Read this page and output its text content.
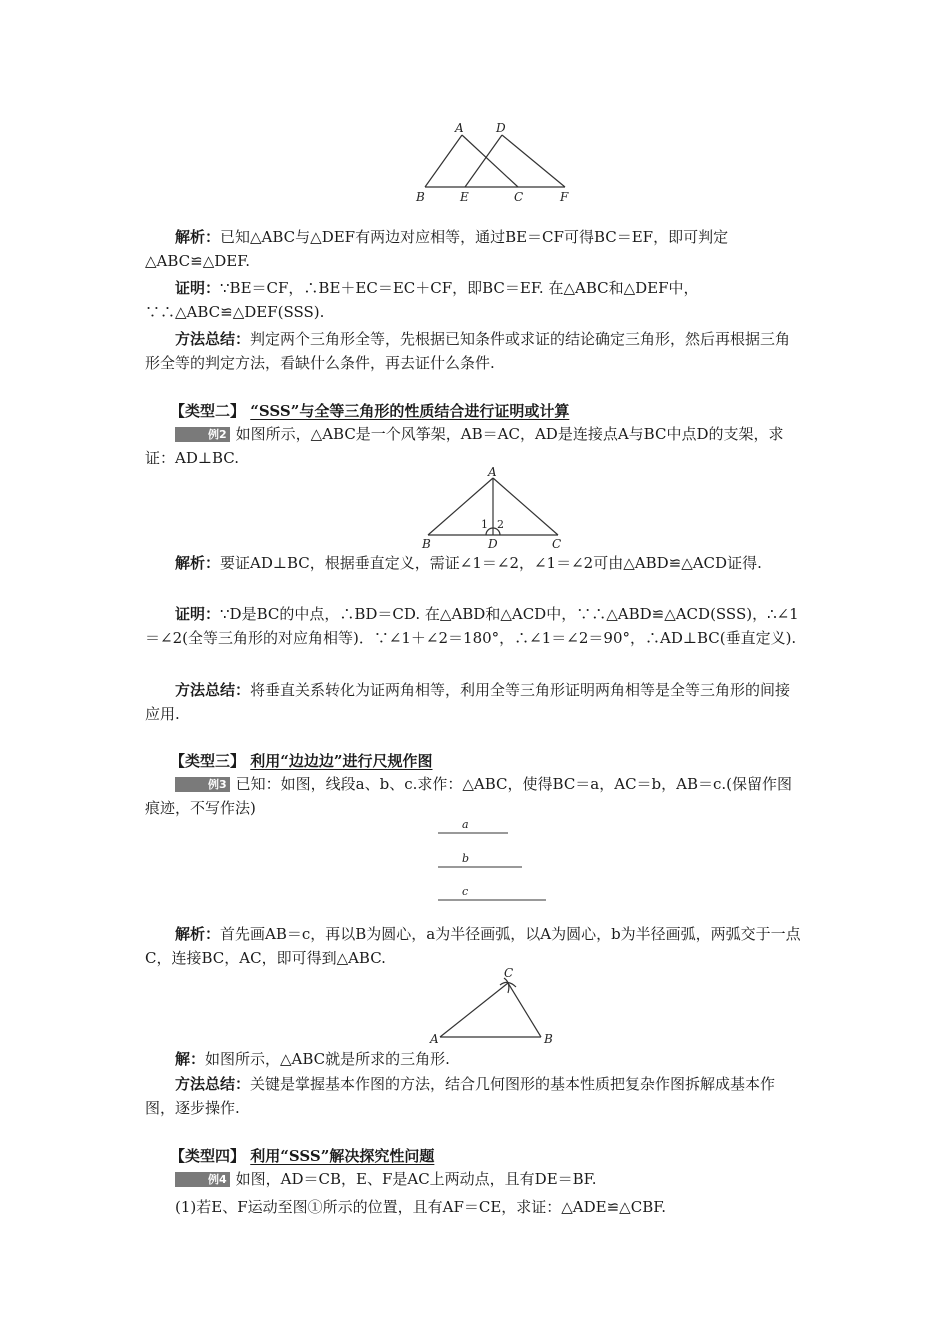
A	D
B	E	C	F

解析：已知△ABC与△DEF有两边对应相等，通过BE＝CF可得BC＝EF，即可判定△ABC≌△DEF.

证明：∵BE＝CF，∴BE＋EC＝EC＋CF，即BC＝EF. 在△ABC和△DEF中，∵∴△ABC≌△DEF(SSS).

方法总结：判定两个三角形全等，先根据已知条件或求证的结论确定三角形，然后再根据三角形全等的判定方法，看缺什么条件，再去证什么条件.

【类型二】 “SSS”与全等三角形的性质结合进行证明或计算

例2 如图所示，△ABC是一个风筝架，AB＝AC，AD是连接点A与BC中点D的支架，求证：AD⊥BC.

A
B	D	C
1 2

解析：要证AD⊥BC，根据垂直定义，需证∠1＝∠2，∠1＝∠2可由△ABD≌△ACD证得.

证明：∵D是BC的中点，∴BD＝CD. 在△ABD和△ACD中，∵∴△ABD≌△ACD(SSS)，∴∠1＝∠2(全等三角形的对应角相等)．∵∠1＋∠2＝180°，∴∠1＝∠2＝90°，∴AD⊥BC(垂直定义).

方法总结：将垂直关系转化为证两角相等，利用全等三角形证明两角相等是全等三角形的间接应用.

【类型三】 利用“边边边”进行尺规作图

例3 已知：如图，线段a、b、c.求作：△ABC，使得BC＝a，AC＝b，AB＝c.(保留作图痕迹，不写作法)

a
b
c

解析：首先画AB＝c，再以B为圆心，a为半径画弧，以A为圆心，b为半径画弧，两弧交于一点C，连接BC，AC，即可得到△ABC.

C
A	B

解：如图所示，△ABC就是所求的三角形.

方法总结：关键是掌握基本作图的方法，结合几何图形的基本性质把复杂作图拆解成基本作图，逐步操作.

【类型四】 利用“SSS”解决探究性问题

例4 如图，AD＝CB，E、F是AC上两动点，且有DE＝BF.

(1)若E、F运动至图①所示的位置，且有AF＝CE，求证：△ADE≌△CBF.
